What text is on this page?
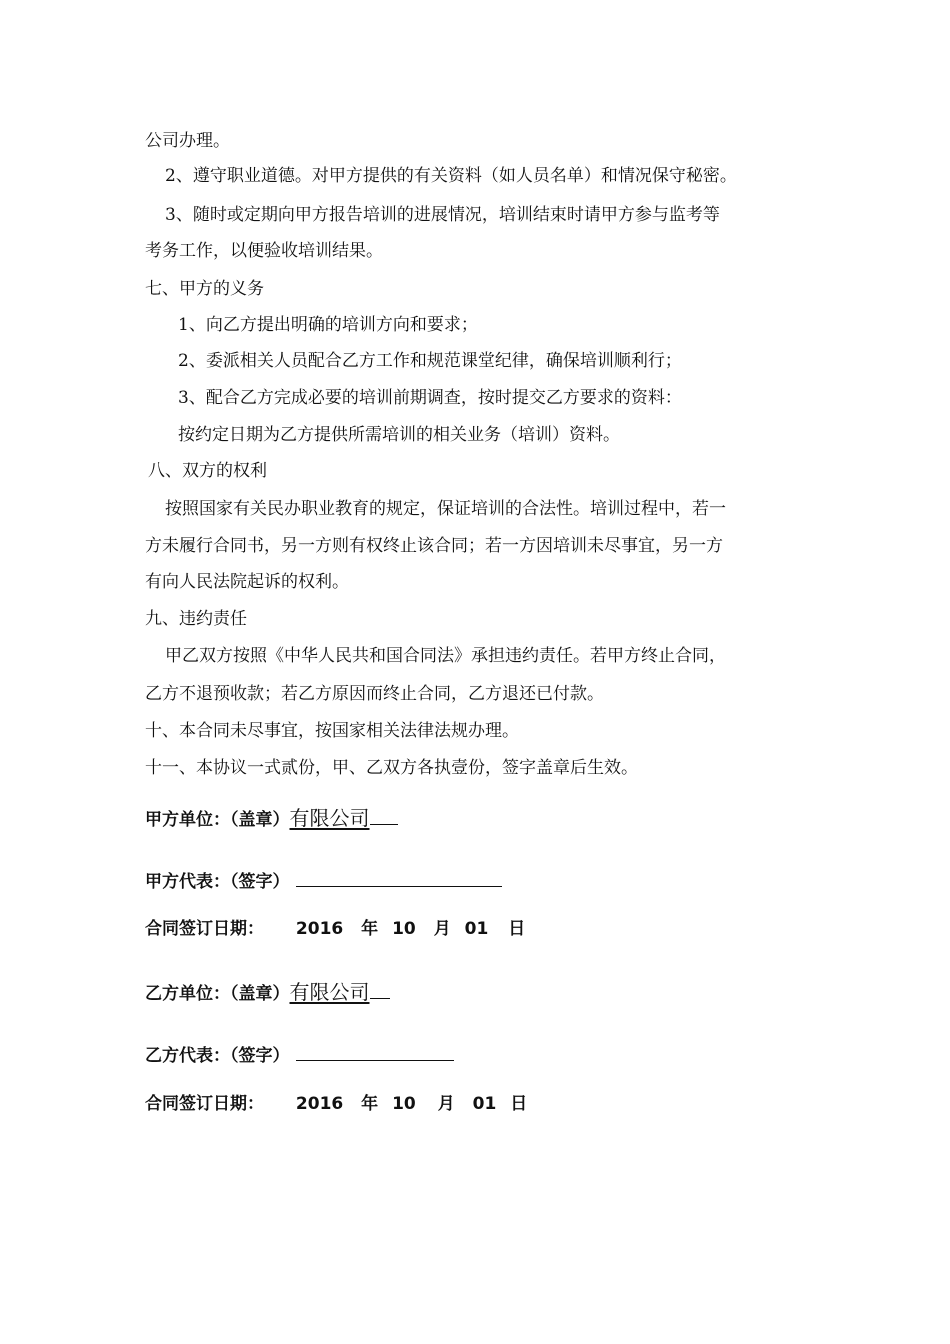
公司办理。
2、遵守职业道德。对甲方提供的有关资料（如人员名单）和情况保守秘密。
3、随时或定期向甲方报告培训的进展情况，培训结束时请甲方参与监考等
考务工作，以便验收培训结果。
七、甲方的义务
1、向乙方提出明确的培训方向和要求；
2、委派相关人员配合乙方工作和规范课堂纪律，确保培训顺利行；
3、配合乙方完成必要的培训前期调查，按时提交乙方要求的资料：
按约定日期为乙方提供所需培训的相关业务（培训）资料。
八、双方的权利
按照国家有关民办职业教育的规定，保证培训的合法性。培训过程中，若一
方未履行合同书，另一方则有权终止该合同；若一方因培训未尽事宜，另一方
有向人民法院起诉的权利。
九、违约责任
甲乙双方按照《中华人民共和国合同法》承担违约责任。若甲方终止合同，
乙方不退预收款；若乙方原因而终止合同，乙方退还已付款。
十、本合同未尽事宜，按国家相关法律法规办理。
十一、本协议一式贰份，甲、乙双方各执壹份，签字盖章后生效。
甲方单位：（盖章）有限公司
甲方代表：（签字）
合同签订日期： 2016 年 10 月 01 日
乙方单位：（盖章）有限公司
乙方代表：（签字）
合同签订日期： 2016 年 10 月 01 日
